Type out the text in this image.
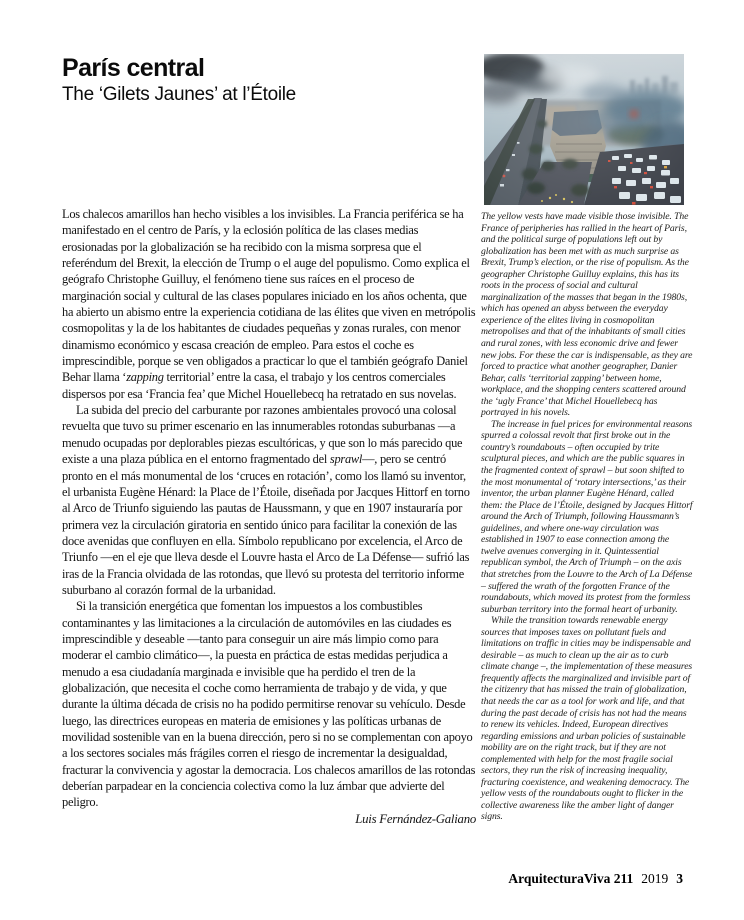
París central
The ‘Gilets Jaunes’ at l’Étoile

Los chalecos amarillos han hecho visibles a los invisibles. La Francia periférica se ha manifestado en el centro de París, y la eclosión política de las clases medias erosionadas por la globalización se ha recibido con la misma sorpresa que el referéndum del Brexit, la elección de Trump o el auge del populismo. Como explica el geógrafo Christophe Guilluy, el fenómeno tiene sus raíces en el proceso de marginación social y cultural de las clases populares iniciado en los años ochenta, que ha abierto un abismo entre la experiencia cotidiana de las élites que viven en metrópolis cosmopolitas y la de los habitantes de ciudades pequeñas y zonas rurales, con menor dinamismo económico y escasa creación de empleo. Para estos el coche es imprescindible, porque se ven obligados a practicar lo que el también geógrafo Daniel Behar llama ‘zapping territorial’ entre la casa, el trabajo y los centros comerciales dispersos por esa ‘Francia fea’ que Michel Houellebecq ha retratado en sus novelas.

La subida del precio del carburante por razones ambientales provocó una colosal revuelta que tuvo su primer escenario en las innumerables rotondas suburbanas —a menudo ocupadas por deplorables piezas escultóricas, y que son lo más parecido que existe a una plaza pública en el entorno fragmentado del sprawl—, pero se centró pronto en el más monumental de los ‘cruces en rotación’, como los llamó su inventor, el urbanista Eugène Hénard: la Place de l’Étoile, diseñada por Jacques Hittorf en torno al Arco de Triunfo siguiendo las pautas de Haussmann, y que en 1907 instauraría por primera vez la circulación giratoria en sentido único para facilitar la conexión de las doce avenidas que confluyen en ella. Símbolo republicano por excelencia, el Arco de Triunfo —en el eje que lleva desde el Louvre hasta el Arco de La Défense— sufrió las iras de la Francia olvidada de las rotondas, que llevó su protesta del territorio informe suburbano al corazón formal de la urbanidad.

Si la transición energética que fomentan los impuestos a los combustibles contaminantes y las limitaciones a la circulación de automóviles en las ciudades es imprescindible y deseable —tanto para conseguir un aire más limpio como para moderar el cambio climático—, la puesta en práctica de estas medidas perjudica a menudo a esa ciudadanía marginada e invisible que ha perdido el tren de la globalización, que necesita el coche como herramienta de trabajo y de vida, y que durante la última década de crisis no ha podido permitirse renovar su vehículo. Desde luego, las directrices europeas en materia de emisiones y las políticas urbanas de movilidad sostenible van en la buena dirección, pero si no se complementan con apoyo a los sectores sociales más frágiles corren el riesgo de incrementar la desigualdad, fracturar la convivencia y agostar la democracia. Los chalecos amarillos de las rotondas deberían parpadear en la conciencia colectiva como la luz ámbar que advierte del peligro.

Luis Fernández-Galiano

The yellow vests have made visible those invisible. The France of peripheries has rallied in the heart of Paris, and the political surge of populations left out by globalization has been met with as much surprise as Brexit, Trump’s election, or the rise of populism. As the geographer Christophe Guilluy explains, this has its roots in the process of social and cultural marginalization of the masses that began in the 1980s, which has opened an abyss between the everyday experience of the elites living in cosmopolitan metropolises and that of the inhabitants of small cities and rural zones, with less economic drive and fewer new jobs. For these the car is indispensable, as they are forced to practice what another geographer, Danier Behar, calls ‘territorial zapping’ between home, workplace, and the shopping centers scattered around the ‘ugly France’ that Michel Houellebecq has portrayed in his novels.

The increase in fuel prices for environmental reasons spurred a colossal revolt that first broke out in the country’s roundabouts – often occupied by trite sculptural pieces, and which are the public squares in the fragmented context of sprawl – but soon shifted to the most monumental of ‘rotary intersections,’ as their inventor, the urban planner Eugène Hénard, called them: the Place de l’Étoile, designed by Jacques Hittorf around the Arch of Triumph, following Haussmann’s guidelines, and where one-way circulation was established in 1907 to ease connection among the twelve avenues converging in it. Quintessential republican symbol, the Arch of Triumph – on the axis that stretches from the Louvre to the Arch of La Défense – suffered the wrath of the forgotten France of the roundabouts, which moved its protest from the formless suburban territory into the formal heart of urbanity.

While the transition towards renewable energy sources that imposes taxes on pollutant fuels and limitations on traffic in cities may be indispensable and desirable – as much to clean up the air as to curb climate change –, the implementation of these measures frequently affects the marginalized and invisible part of the citizenry that has missed the train of globalization, that needs the car as a tool for work and life, and that during the past decade of crisis has not had the means to renew its vehicles. Indeed, European directives regarding emissions and urban policies of sustainable mobility are on the right track, but if they are not complemented with help for the most fragile social sectors, they run the risk of increasing inequality, fracturing coexistence, and weakening democracy. The yellow vests of the roundabouts ought to flicker in the collective awareness like the amber light of danger signs.

ArquitecturaViva 211 2019 3
